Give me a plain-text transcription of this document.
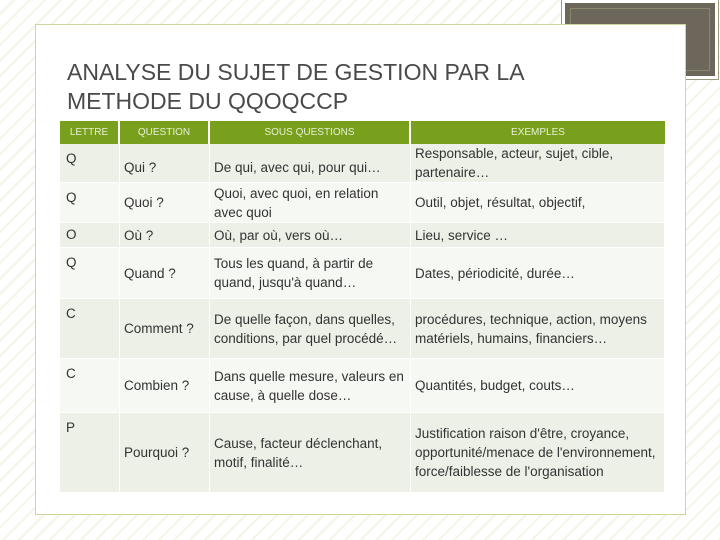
ANALYSE DU SUJET DE GESTION PAR LA METHODE DU QQOQCCP
LETTRE	QUESTION	SOUS QUESTIONS	EXEMPLES
Q	Qui ?	De qui, avec qui, pour qui…	Responsable, acteur, sujet, cible, partenaire…
Q	Quoi ?	Quoi, avec quoi, en relation avec quoi	Outil, objet, résultat, objectif,
O	Où ?	Où, par où, vers où…	Lieu, service …
Q	Quand ?	Tous les quand, à partir de quand, jusqu'à quand…	Dates, périodicité, durée…
C	Comment ?	De quelle façon, dans quelles, conditions, par quel procédé…	procédures, technique, action, moyens matériels, humains, financiers…
C	Combien ?	Dans quelle mesure, valeurs en cause, à quelle dose…	Quantités, budget, couts…
P	Pourquoi ?	Cause, facteur déclenchant, motif, finalité…	Justification raison d'être, croyance, opportunité/menace de l'environnement, force/faiblesse de l'organisation
